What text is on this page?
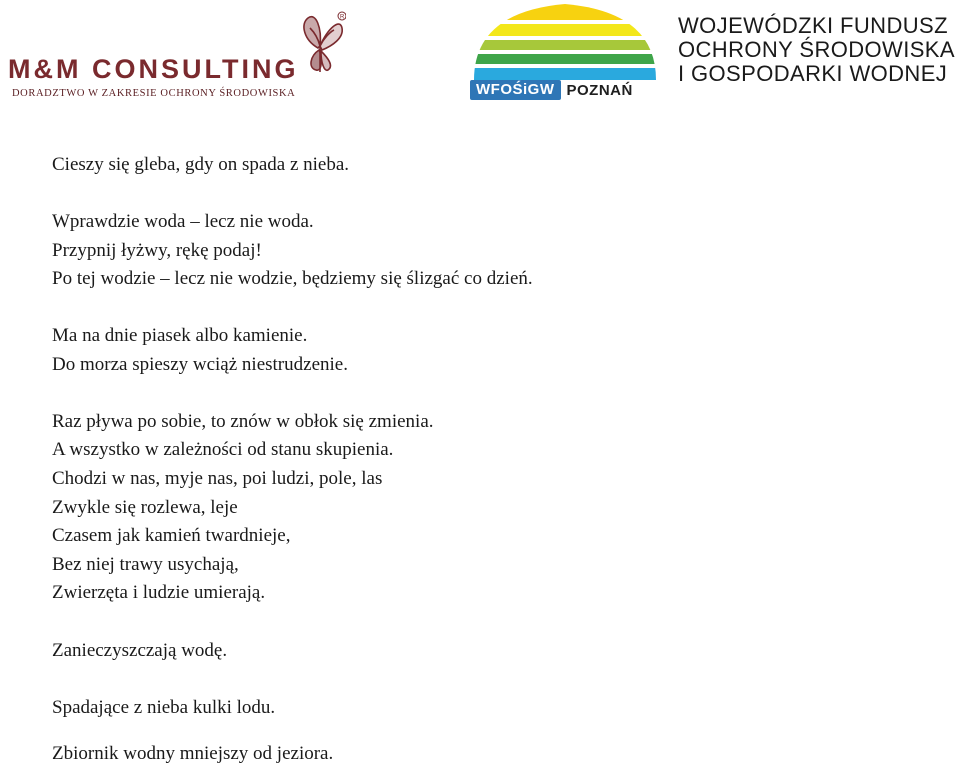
R
M&M CONSULTING
DORADZTWO W ZAKRESIE OCHRONY ŚRODOWISKA	WFOŚiGW POZNAŃ
WOJEWÓDZKI FUNDUSZ
OCHRONY ŚRODOWISKA
I GOSPODARKI WODNEJ
Cieszy się gleba, gdy on spada z nieba.
Wprawdzie woda – lecz nie woda.
Przypnij łyżwy, rękę podaj!
Po tej wodzie – lecz nie wodzie, będziemy się ślizgać co dzień.
Ma na dnie piasek albo kamienie.
Do morza spieszy wciąż niestrudzenie.
Raz pływa po sobie, to znów w obłok się zmienia.
A wszystko w zależności od stanu skupienia.
Chodzi w nas, myje nas, poi ludzi, pole, las
Zwykle się rozlewa, leje
Czasem jak kamień twardnieje,
Bez niej trawy usychają,
Zwierzęta i ludzie umierają.
Zanieczyszczają wodę.
Spadające z nieba kulki lodu.
Zbiornik wodny mniejszy od jeziora.
